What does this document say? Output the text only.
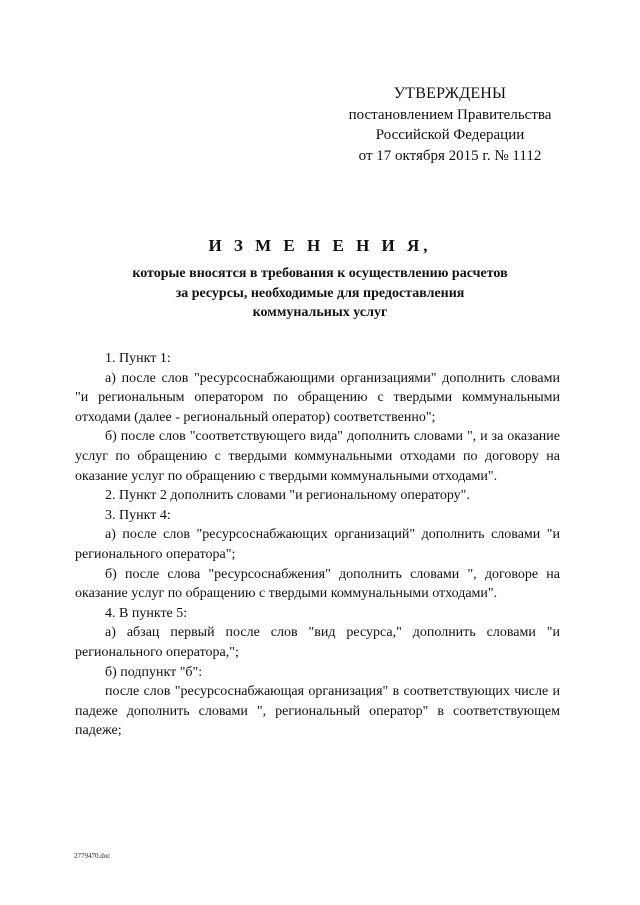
УТВЕРЖДЕНЫ
постановлением Правительства
Российской Федерации
от 17 октября 2015 г. № 1112
И З М Е Н Е Н И Я,
которые вносятся в требования к осуществлению расчетов
за ресурсы, необходимые для предоставления
коммунальных услуг

1. Пункт 1:

а) после слов "ресурсоснабжающими организациями" дополнить словами "и региональным оператором по обращению с твердыми коммунальными отходами (далее - региональный оператор) соответственно";

б) после слов "соответствующего вида" дополнить словами ", и за оказание услуг по обращению с твердыми коммунальными отходами по договору на оказание услуг по обращению с твердыми коммунальными отходами".

2. Пункт 2 дополнить словами "и региональному оператору".

3. Пункт 4:

а) после слов "ресурсоснабжающих организаций" дополнить словами "и регионального оператора";

б) после слова "ресурсоснабжения" дополнить словами ", договоре на оказание услуг по обращению с твердыми коммунальными отходами".

4. В пункте 5:

а) абзац первый после слов "вид ресурса," дополнить словами "и регионального оператора,";

б) подпункт "б":

после слов "ресурсоснабжающая организация" в соответствующих числе и падеже дополнить словами ", региональный оператор" в соответствующем падеже;

2779470.doc
